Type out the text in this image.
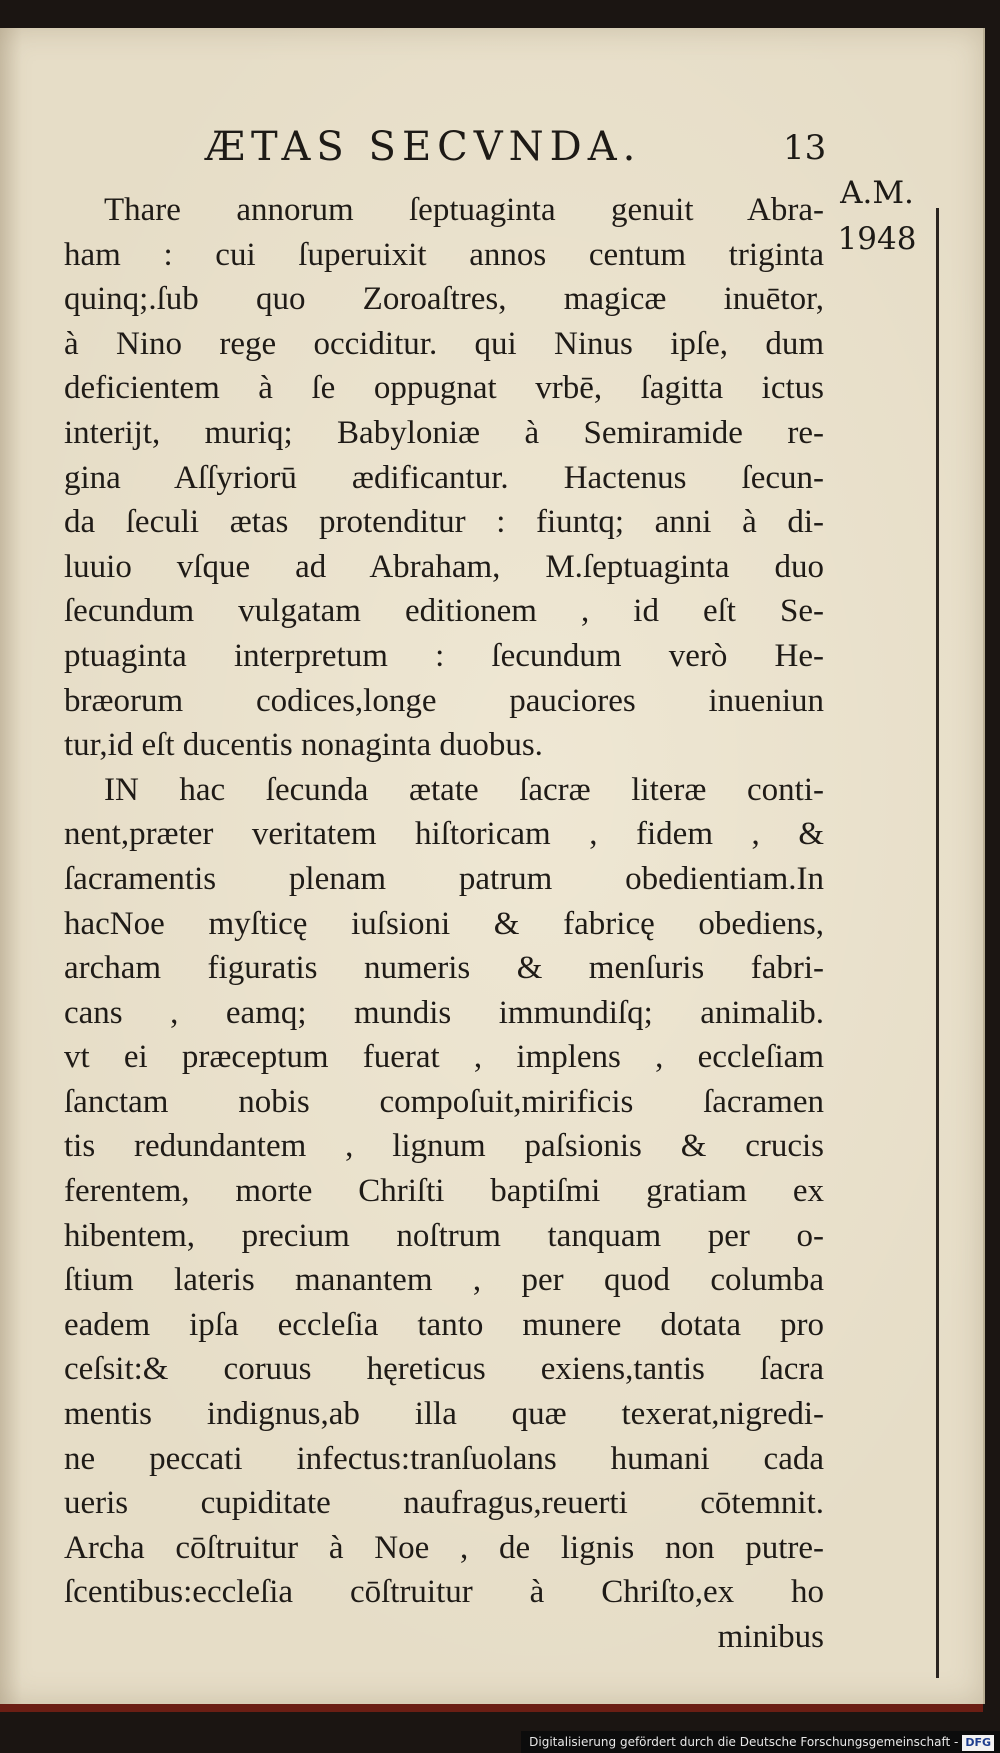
ÆTAS SECVNDA.	13
A.M.
1948
Thare annorum ſeptuaginta genuit Abra-
ham : cui ſuperuixit annos centum triginta
quinq;.ſub quo Zoroaſtres, magicæ inuētor,
à Nino rege occiditur. qui Ninus ipſe, dum
deficientem à ſe oppugnat vrbē, ſagitta ictus
interijt, muriq; Babyloniæ à Semiramide re-
gina Aſſyriorū ædificantur. Hactenus ſecun-
da ſeculi ætas protenditur : fiuntq; anni à di-
luuio vſque ad Abraham, M.ſeptuaginta duo
ſecundum vulgatam editionem , id eſt Se-
ptuaginta interpretum : ſecundum verò He-
bræorum codices,longe pauciores inueniun
tur,id eſt ducentis nonaginta duobus.
IN hac ſecunda ætate ſacræ literæ conti-
nent,præter veritatem hiſtoricam , fidem , &
ſacramentis plenam patrum obedientiam.In
hacNoe myſticę iuſsioni & fabricę obediens,
archam figuratis numeris & menſuris fabri-
cans , eamq; mundis immundiſq; animalib.
vt ei præceptum fuerat , implens , eccleſiam
ſanctam nobis compoſuit,mirificis ſacramen
tis redundantem , lignum paſsionis & crucis
ferentem, morte Chriſti baptiſmi gratiam ex
hibentem, precium noſtrum tanquam per o-
ſtium lateris manantem , per quod columba
eadem ipſa eccleſia tanto munere dotata pro
ceſsit:& coruus hęreticus exiens,tantis ſacra
mentis indignus,ab illa quæ texerat,nigredi-
ne peccati infectus:tranſuolans humani cada
ueris cupiditate naufragus,reuerti cōtemnit.
Archa cōſtruitur à Noe , de lignis non putre-
ſcentibus:eccleſia cōſtruitur à Chriſto,ex ho
minibus
Digitalisierung gefördert durch die Deutsche Forschungsgemeinschaft - DFG
